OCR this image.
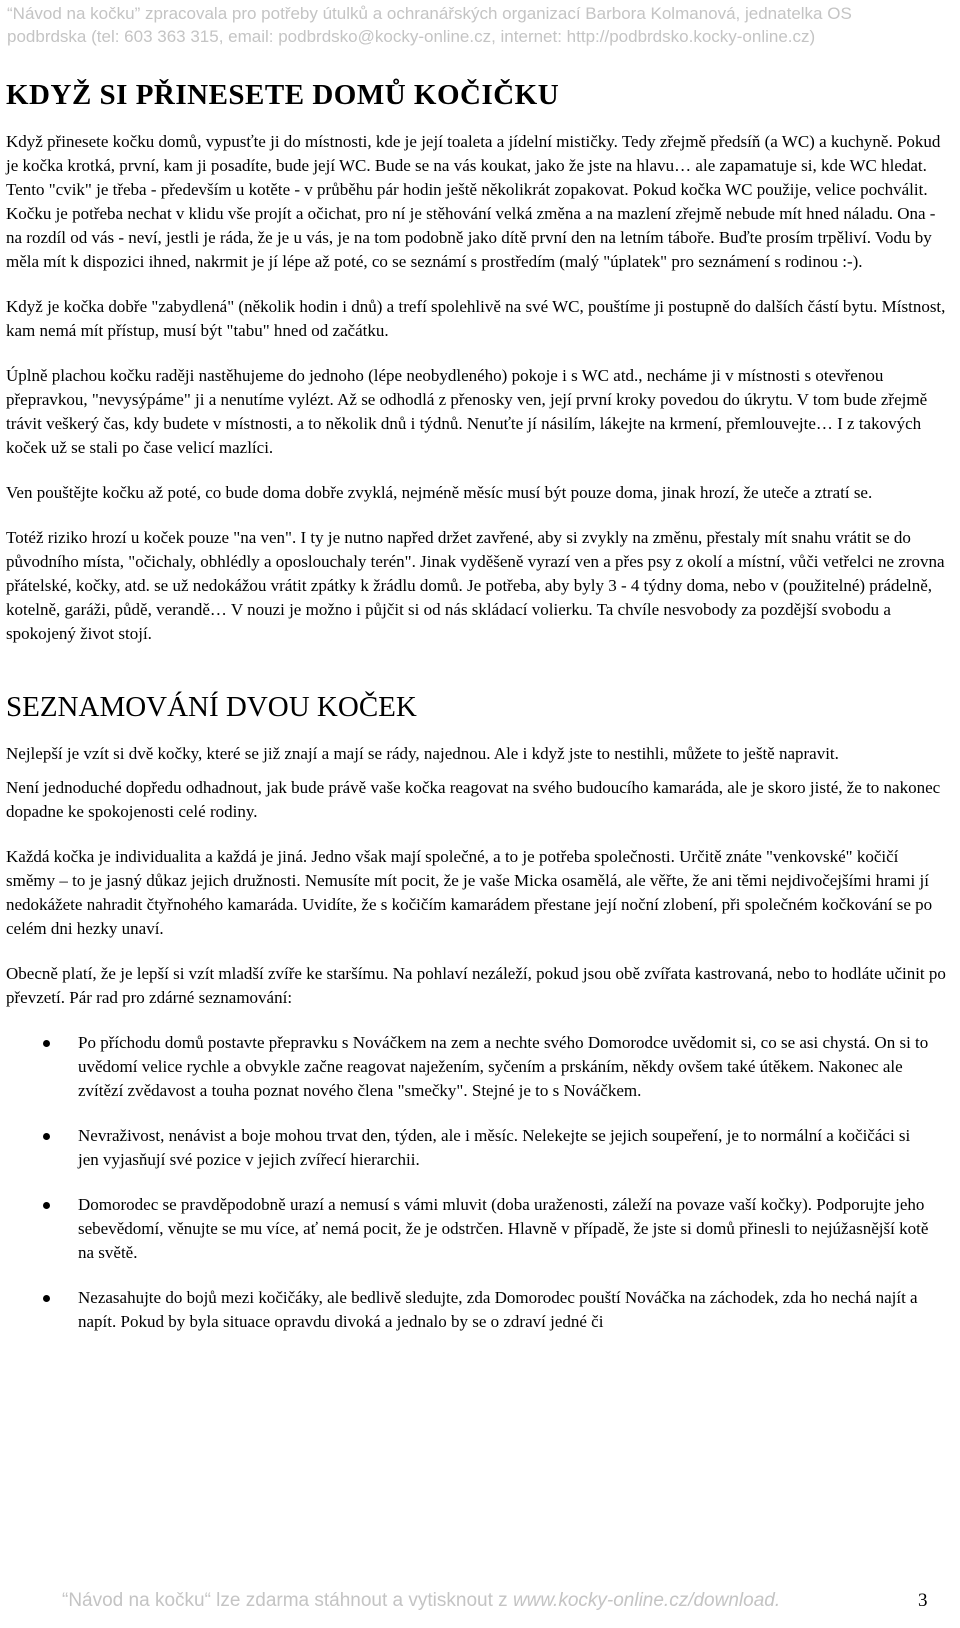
“Návod na kočku” zpracovala pro potřeby útulků a ochranářských organizací Barbora Kolmanová, jednatelka OS
podbrdska (tel: 603 363 315, email: podbrdsko@kocky-online.cz, internet: http://podbrdsko.kocky-online.cz)
KDYŽ SI PŘINESETE DOMŮ KOČIČKU

Když přinesete kočku domů, vypusťte ji do místnosti, kde je její toaleta a jídelní mističky. Tedy zřejmě předsíň (a WC) a kuchyně. Pokud je kočka krotká, první, kam ji posadíte, bude její WC. Bude se na vás koukat, jako že jste na hlavu… ale zapamatuje si, kde WC hledat. Tento "cvik" je třeba - především u kotěte - v průběhu pár hodin ještě několikrát zopakovat. Pokud kočka WC použije, velice pochválit. Kočku je potřeba nechat v klidu vše projít a očichat, pro ní je stěhování velká změna a na mazlení zřejmě nebude mít hned náladu. Ona - na rozdíl od vás - neví, jestli je ráda, že je u vás, je na tom podobně jako dítě první den na letním táboře. Buďte prosím trpěliví. Vodu by měla mít k dispozici ihned, nakrmit je jí lépe až poté, co se seznámí s prostředím (malý "úplatek" pro seznámení s rodinou :-).

Když je kočka dobře "zabydlená" (několik hodin i dnů) a trefí spolehlivě na své WC, pouštíme ji postupně do dalších částí bytu. Místnost, kam nemá mít přístup, musí být "tabu" hned od začátku.

Úplně plachou kočku raději nastěhujeme do jednoho (lépe neobydleného) pokoje i s WC atd., necháme ji v místnosti s otevřenou přepravkou, "nevysýpáme" ji a nenutíme vylézt. Až se odhodlá z přenosky ven, její první kroky povedou do úkrytu. V tom bude zřejmě trávit veškerý čas, kdy budete v místnosti, a to několik dnů i týdnů. Nenuťte jí násilím, lákejte na krmení, přemlouvejte… I z takových koček už se stali po čase velicí mazlíci.

Ven pouštějte kočku až poté, co bude doma dobře zvyklá, nejméně měsíc musí být pouze doma, jinak hrozí, že uteče a ztratí se.

Totéž riziko hrozí u koček pouze "na ven". I ty je nutno napřed držet zavřené, aby si zvykly na změnu, přestaly mít snahu vrátit se do původního místa, "očichaly, obhlédly a oposlouchaly terén". Jinak vyděšeně vyrazí ven a přes psy z okolí a místní, vůči vetřelci ne zrovna přátelské, kočky, atd. se už nedokážou vrátit zpátky k žrádlu domů. Je potřeba, aby byly 3 - 4 týdny doma, nebo v (použitelné) prádelně, kotelně, garáži, půdě, verandě… V nouzi je možno i půjčit si od nás skládací volierku. Ta chvíle nesvobody za pozdější svobodu a spokojený život stojí.

SEZNAMOVÁNÍ DVOU KOČEK

Nejlepší je vzít si dvě kočky, které se již znají a mají se rády, najednou. Ale i když jste to nestihli, můžete to ještě napravit.

Není jednoduché dopředu odhadnout, jak bude právě vaše kočka reagovat na svého budoucího kamaráda, ale je skoro jisté, že to nakonec dopadne ke spokojenosti celé rodiny.

Každá kočka je individualita a každá je jiná. Jedno však mají společné, a to je potřeba společnosti. Určitě znáte "venkovské" kočičí směmy – to je jasný důkaz jejich družnosti. Nemusíte mít pocit, že je vaše Micka osamělá, ale věřte, že ani těmi nejdivočejšími hrami jí nedokážete nahradit čtyřnohého kamaráda. Uvidíte, že s kočičím kamarádem přestane její noční zlobení, při společném kočkování se po celém dni hezky unaví.

Obecně platí, že je lepší si vzít mladší zvíře ke staršímu. Na pohlaví nezáleží, pokud jsou obě zvířata kastrovaná, nebo to hodláte učinit po převzetí. Pár rad pro zdárné seznamování:

Po příchodu domů postavte přepravku s Nováčkem na zem a nechte svého Domorodce uvědomit si, co se asi chystá. On si to uvědomí velice rychle a obvykle začne reagovat naježením, syčením a prskáním, někdy ovšem také útěkem. Nakonec ale zvítězí zvědavost a touha poznat nového člena "smečky". Stejné je to s Nováčkem.
Nevraživost, nenávist a boje mohou trvat den, týden, ale i měsíc. Nelekejte se jejich soupeření, je to normální a kočičáci si jen vyjasňují své pozice v jejich zvířecí hierarchii.
Domorodec se pravděpodobně urazí a nemusí s vámi mluvit (doba uraženosti, záleží na povaze vaší kočky). Podporujte jeho sebevědomí, věnujte se mu více, ať nemá pocit, že je odstrčen. Hlavně v případě, že jste si domů přinesli to nejúžasnější kotě na světě.
Nezasahujte do bojů mezi kočičáky, ale bedlivě sledujte, zda Domorodec pouští Nováčka na záchodek, zda ho nechá najít a napít. Pokud by byla situace opravdu divoká a jednalo by se o zdraví jedné či
“Návod na kočku“ lze zdarma stáhnout a vytisknout z www.kocky-online.cz/download.	3
